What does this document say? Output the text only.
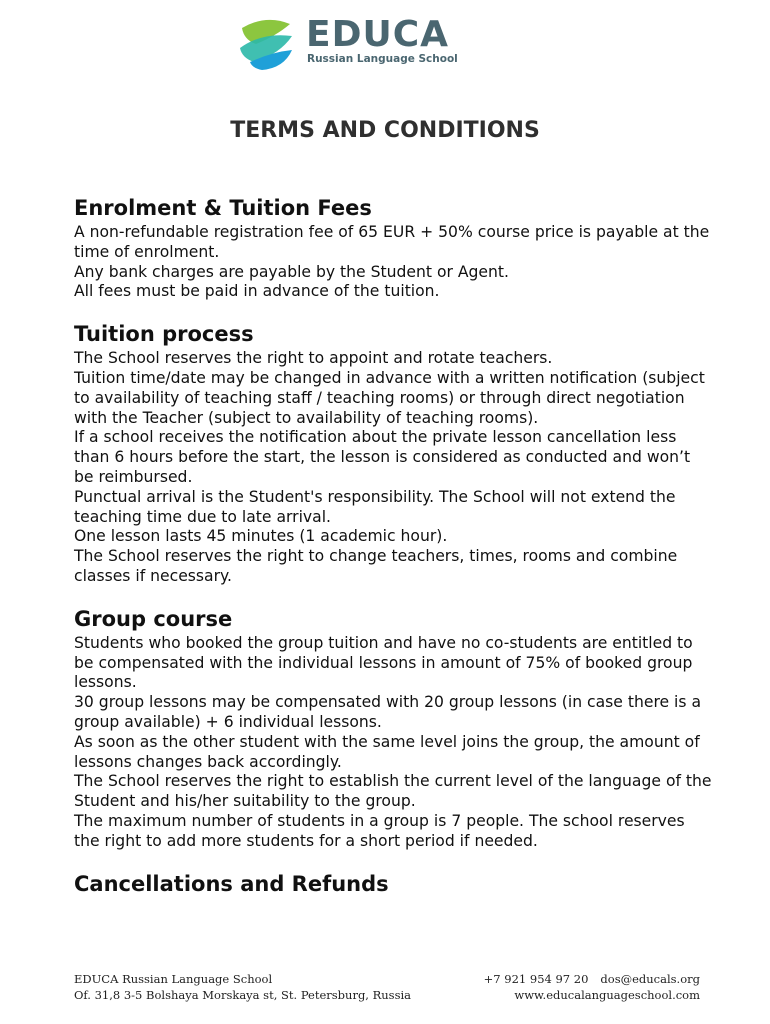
EDUCA
Russian Language School
TERMS AND CONDITIONS
Enrolment & Tuition Fees

A non-refundable registration fee of 65 EUR + 50% course price is payable at the time of enrolment.

Any bank charges are payable by the Student or Agent.

All fees must be paid in advance of the tuition.

Tuition process

The School reserves the right to appoint and rotate teachers.

Tuition time/date may be changed in advance with a written notification (subject to availability of teaching staff / teaching rooms) or through direct negotiation with the Teacher (subject to availability of teaching rooms).

If a school receives the notification about the private lesson cancellation less than 6 hours before the start, the lesson is considered as conducted and won’t be reimbursed.

Punctual arrival is the Student's responsibility. The School will not extend the teaching time due to late arrival.

One lesson lasts 45 minutes (1 academic hour).

The School reserves the right to change teachers, times, rooms and combine classes if necessary.

Group course

Students who booked the group tuition and have no co-students are entitled to be compensated with the individual lessons in amount of 75% of booked group lessons.

30 group lessons may be compensated with 20 group lessons (in case there is a group available) + 6 individual lessons.

As soon as the other student with the same level joins the group, the amount of lessons changes back accordingly.

The School reserves the right to establish the current level of the language of the Student and his/her suitability to the group.

The maximum number of students in a group is 7 people. The school reserves the right to add more students for a short period if needed.

Cancellations and Refunds
EDUCA Russian Language School
Of. 31,8 3-5 Bolshaya Morskaya st, St. Petersburg, Russia
+7 921 954 97 20 dos@educals.org
www.educalanguageschool.com
